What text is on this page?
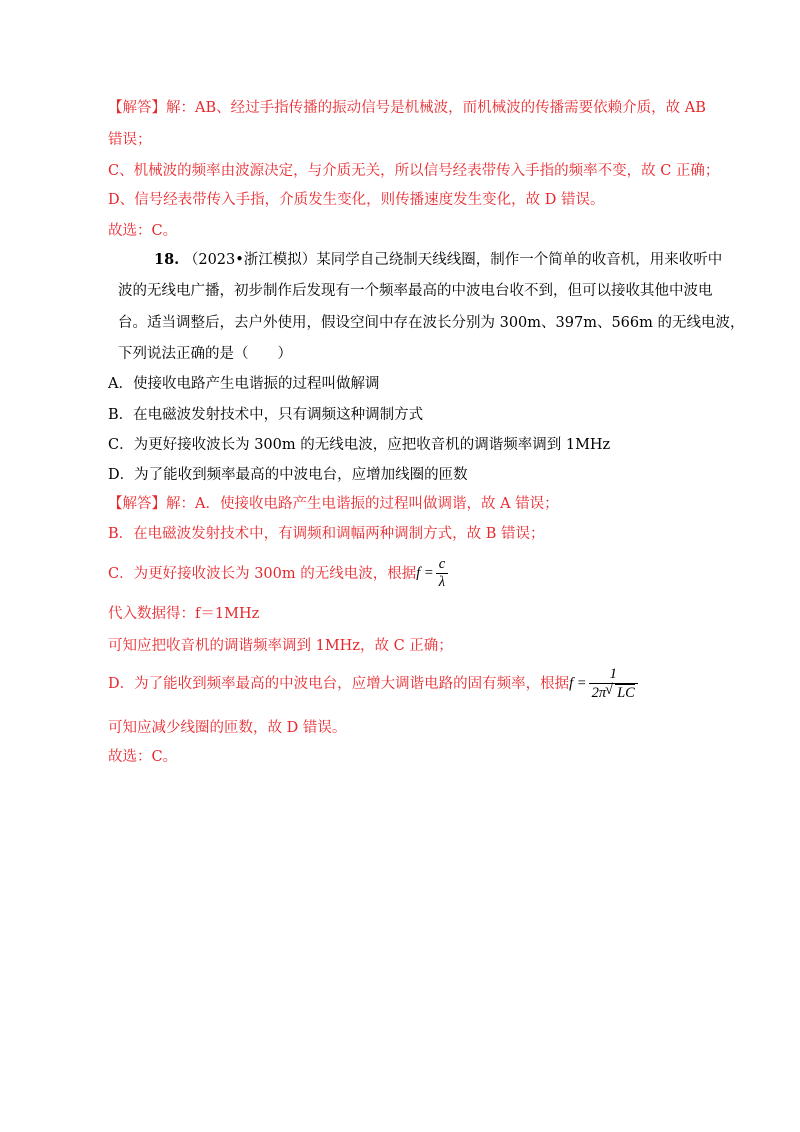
【解答】解：AB、经过手指传播的振动信号是机械波，而机械波的传播需要依赖介质，故 AB
错误；
C、机械波的频率由波源决定，与介质无关，所以信号经表带传入手指的频率不变，故 C 正确；
D、信号经表带传入手指，介质发生变化，则传播速度发生变化，故 D 错误。
故选：C。
18. （2023•浙江模拟）某同学自己绕制天线线圈，制作一个简单的收音机，用来收听中
波的无线电广播，初步制作后发现有一个频率最高的中波电台收不到，但可以接收其他中波电
台。适当调整后，去户外使用，假设空间中存在波长分别为 300m、397m、566m 的无线电波，
下列说法正确的是（　　）
A．使接收电路产生电谐振的过程叫做解调
B．在电磁波发射技术中，只有调频这种调制方式
C．为更好接收波长为 300m 的无线电波，应把收音机的调谐频率调到 1MHz
D．为了能收到频率最高的中波电台，应增加线圈的匝数
【解答】解：A．使接收电路产生电谐振的过程叫做调谐，故 A 错误；
B．在电磁波发射技术中，有调频和调幅两种调制方式，故 B 错误；
C．为更好接收波长为 300m 的无线电波，根据$f = \frac{c}{\lambda}$
代入数据得：f＝1MHz
可知应把收音机的调谐频率调到 1MHz，故 C 正确；
D．为了能收到频率最高的中波电台，应增大调谐电路的固有频率，根据$f = \frac{1}{2\pi√ LC}$
可知应减少线圈的匝数，故 D 错误。
故选：C。
